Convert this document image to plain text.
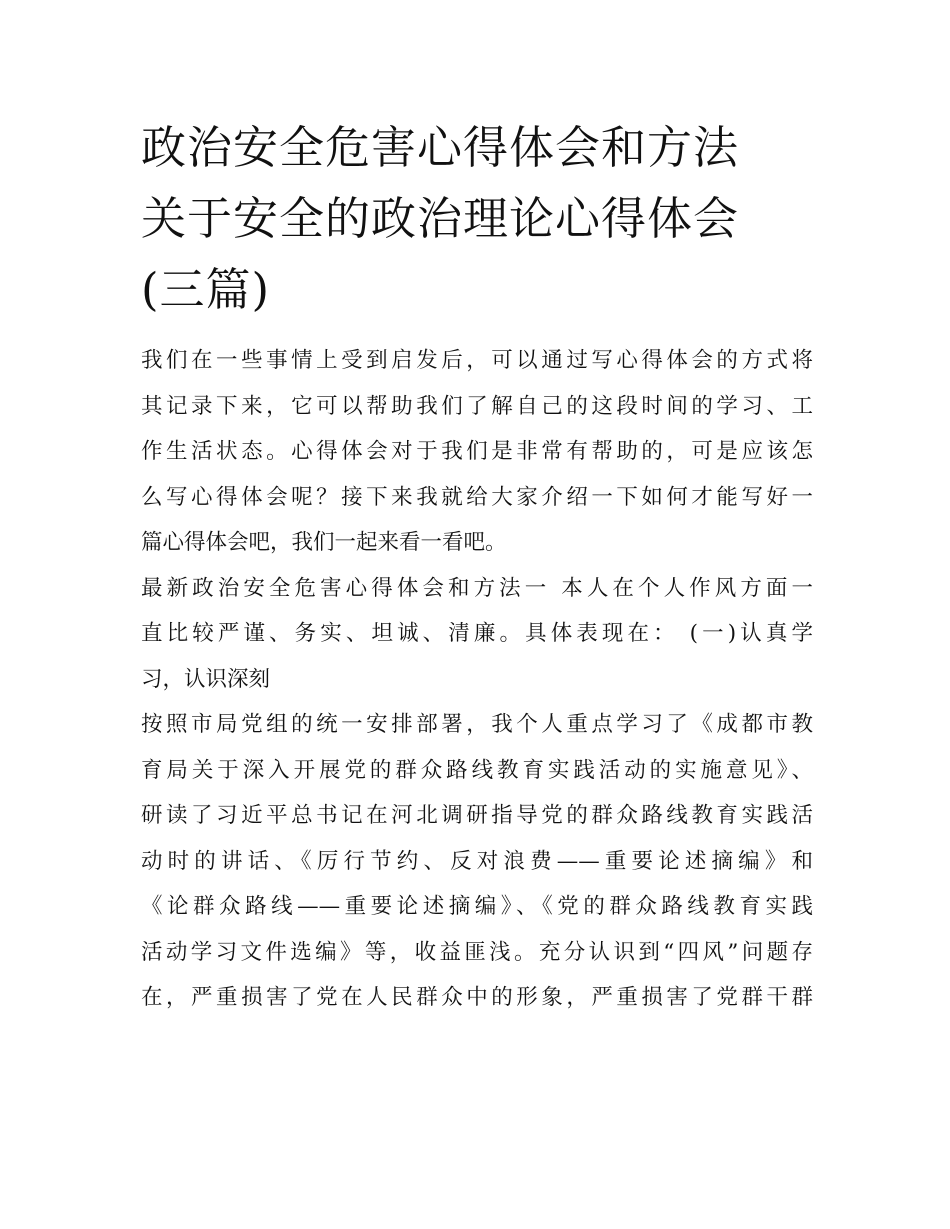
政治安全危害心得体会和方法
关于安全的政治理论心得体会
(三篇)
我们在一些事情上受到启发后，可以通过写心得体会的方式将
其记录下来，它可以帮助我们了解自己的这段时间的学习、工
作生活状态。心得体会对于我们是非常有帮助的，可是应该怎
么写心得体会呢？接下来我就给大家介绍一下如何才能写好一
篇心得体会吧，我们一起来看一看吧。
最新政治安全危害心得体会和方法一 本人在个人作风方面一
直比较严谨、务实、坦诚、清廉。具体表现在： (一)认真学
习，认识深刻
按照市局党组的统一安排部署，我个人重点学习了《成都市教
育局关于深入开展党的群众路线教育实践活动的实施意见》、
研读了习近平总书记在河北调研指导党的群众路线教育实践活
动时的讲话、《厉行节约、反对浪费——重要论述摘编》和
《论群众路线——重要论述摘编》、《党的群众路线教育实践
活动学习文件选编》等，收益匪浅。充分认识到“四风”问题存
在，严重损害了党在人民群众中的形象，严重损害了党群干群
